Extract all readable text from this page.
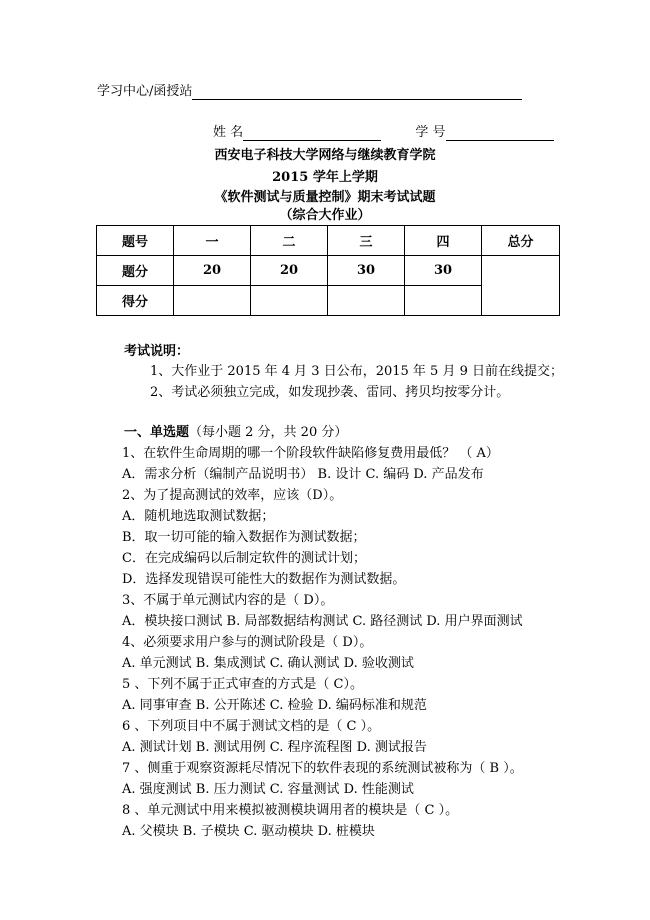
学习中心/函授站
姓 名	学 号
西安电子科技大学网络与继续教育学院
2015 学年上学期
《软件测试与质量控制》期末考试试题
（综合大作业）
题号	一	二	三	四	总分
题分	20	20	30	30	
得分					
考试说明：
1、大作业于 2015 年 4 月 3 日公布，2015 年 5 月 9 日前在线提交；
2、考试必须独立完成，如发现抄袭、雷同、拷贝均按零分计。
一、单选题（每小题 2 分，共 20 分）
1、在软件生命周期的哪一个阶段软件缺陷修复费用最低？ （ A）
A．需求分析（编制产品说明书） B. 设计 C. 编码 D. 产品发布
2、为了提高测试的效率，应该（D）。
A．随机地选取测试数据；
B．取一切可能的输入数据作为测试数据；
C．在完成编码以后制定软件的测试计划；
D．选择发现错误可能性大的数据作为测试数据。
3、不属于单元测试内容的是（ D）。
A．模块接口测试 B. 局部数据结构测试 C. 路径测试 D. 用户界面测试
4、必须要求用户参与的测试阶段是（ D）。
A. 单元测试 B. 集成测试 C. 确认测试 D. 验收测试
5 、下列不属于正式审查的方式是（ C）。
A. 同事审查 B. 公开陈述 C. 检验 D. 编码标准和规范
6 、下列项目中不属于测试文档的是（ C ）。
A. 测试计划 B. 测试用例 C. 程序流程图 D. 测试报告
7 、侧重于观察资源耗尽情况下的软件表现的系统测试被称为（ B ）。
A. 强度测试 B. 压力测试 C. 容量测试 D. 性能测试
8 、单元测试中用来模拟被测模块调用者的模块是（ C ）。
A. 父模块 B. 子模块 C. 驱动模块 D. 桩模块
